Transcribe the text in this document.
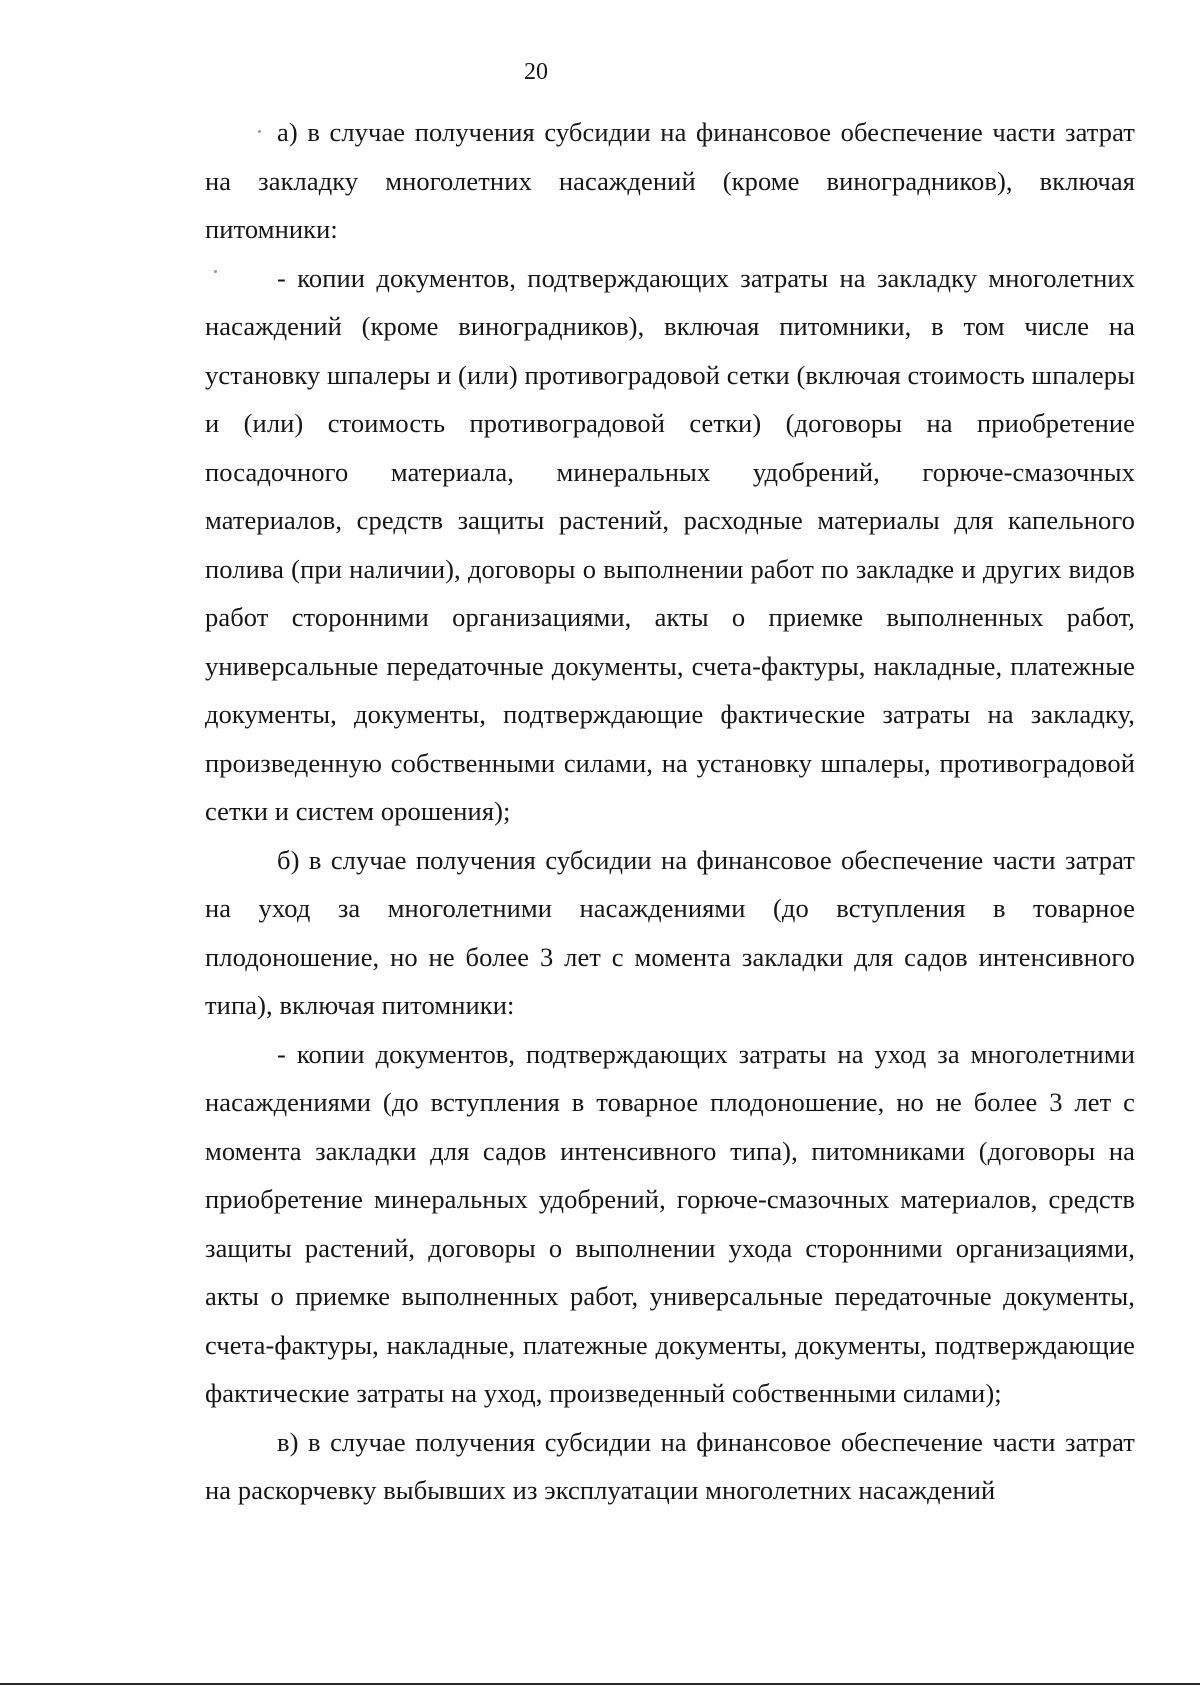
20

а) в случае получения субсидии на финансовое обеспечение части затрат на закладку многолетних насаждений (кроме виноградников), включая питомники:

- копии документов, подтверждающих затраты на закладку многолетних насаждений (кроме виноградников), включая питомники, в том числе на установку шпалеры и (или) противоградовой сетки (включая стоимость шпалеры и (или) стоимость противоградовой сетки) (договоры на приобретение посадочного материала, минеральных удобрений, горюче-смазочных материалов, средств защиты растений, расходные материалы для капельного полива (при наличии), договоры о выполнении работ по закладке и других видов работ сторонними организациями, акты о приемке выполненных работ, универсальные передаточные документы, счета-фактуры, накладные, платежные документы, документы, подтверждающие фактические затраты на закладку, произведенную собственными силами, на установку шпалеры, противоградовой сетки и систем орошения);

б) в случае получения субсидии на финансовое обеспечение части затрат на уход за многолетними насаждениями (до вступления в товарное плодоношение, но не более 3 лет с момента закладки для садов интенсивного типа), включая питомники:

- копии документов, подтверждающих затраты на уход за многолетними насаждениями (до вступления в товарное плодоношение, но не более 3 лет с момента закладки для садов интенсивного типа), питомниками (договоры на приобретение минеральных удобрений, горюче-смазочных материалов, средств защиты растений, договоры о выполнении ухода сторонними организациями, акты о приемке выполненных работ, универсальные передаточные документы, счета-фактуры, накладные, платежные документы, документы, подтверждающие фактические затраты на уход, произведенный собственными силами);

в) в случае получения субсидии на финансовое обеспечение части затрат на раскорчевку выбывших из эксплуатации многолетних насаждений
